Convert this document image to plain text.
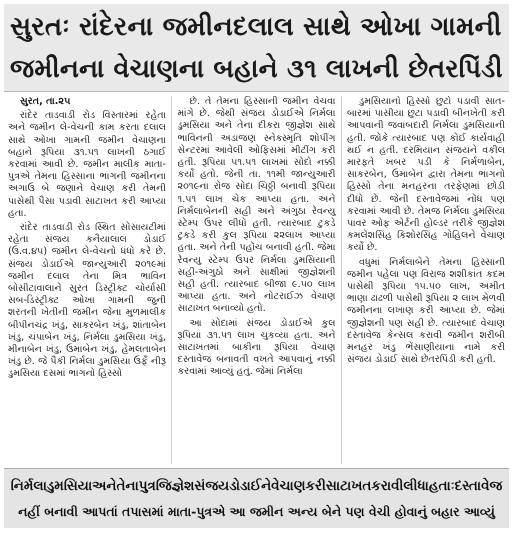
સુરતઃ રાંદેરના જમીનદલાલ સાથે ઓખા ગામની
જમીનના વેચાણના બહાને ૩૧ લાખની છેતરપિંડી

સુરત, તા.૨૫

રાંદેર તાડવાડી રોડ વિસ્તારમાં રહેતા અને જમીન લે-વેચની કામ કરતા દલાલ સાથે ઓખા ગામની જમીન વેચાણના બહાને રૂપિયા ૩૧.૫૧ લાખની ઠગાઈ કરવામાં આવી છે. જમીન માલીક માતા-પુત્રએ તેમના હિસ્સાના ભાગની જમીનના અગાઉ બે જણાને વેચાણ કરી તેમની પાસેથી પૈસા પડાવી સાટાખત કરી આપ્યા હતા.

રાંદેર તાડવાડી રોડ સ્થિત સોસાયટીમાં રહેતા સંજય કનૈયાલાલ ડોડાઈ (ઉ.વ.૪૫) જમીન લે-વેચનો ધંધો કરે છે. સંજય ડોડાઈએ જાન્યુઆરી ૨૦૧૯માં જમીન દલાલ તેના મિત્ર ભાવિન બોસીટાવાલાને સુરત ડિસ્ટ્રીક્ટ ચોર્યાસી સબ-ડિસ્ટ્રીક્ટ ઓખા ગામની જુની શરતની ખેતીની જમીન જેના મુળમાલીક બીપીનચંદ્ર ખંડુ, સાકરબેન ખંડુ, શાંતાબેન ખંડુ, ચંપાબેન ખંડુ, નિર્મલા ડુમસિયા ખંડુ, મીનાબેન ખંડુ, ઉમાબેન ખંડુ, હેમલતાબેન ખંડુ છે. જે પૈકી નિર્મલા ડુમસિયા ઉર્ફે નીરૂ ડુમસિયા દસમાં ભાગનો હિસ્સો

છે. તે તેમના હિસ્સાની જમીન વેચવા માંગે છે. જેથી સંજય ડોડાઈએ નિર્મલા ડુમસિયા અને તેના દીકરા જીજ્ઞેશ સાથે ભાવિનની અડાજણ સ્નેક્સ્મૃતિ શોપીંગ સેન્ટરમાં આવેલી ઓફિસમાં મીટીંગ કરી હતી. રૂપિયા ૫૧.૫૧ લાખમાં સોદો નક્કી કર્યો હતો. જેની તા. ૧૧મી જાન્યુઆરી ૨૦૧૯ના રોજ સોદા ચિઠ્ઠી બનાવી રૂપિયા ૧.૫૧ લાખ ચેક આપ્યા હતા. અને નિર્મલાબેનની સહી અને અંગુઠા રેવન્યુ સ્ટેમ્પ ઉપર લીધો હતી. ત્યારબાદ ટુકડે ટુકડે કરી કુલ રૂપિયા ૨૨લાખ આપ્યા હતા. અને તેની પહોંચ બનાવી હતી. જેમા રેવન્યુ સ્ટેમ્પ ઉપર નિર્મલા ડુમસિયાની સહી-અંગુઠો અને સાક્ષીમાં જીજ્ઞેશની સહી હતી. ત્યારબાદ બીજા ૯.૫૦ લાખ આપ્યા હતા. અને નોટરાઈઝ વેચાણ સાટાખત બનાવ્યો હતો.

આ સોદામાં સંજય ડોડાઈએ કુલ રૂપિયા ૩૧.૫૧ લાખ ચુકવ્યા હતા. અને સાટાખતમાં બાકીના રૂપિયા વેચાણ દસ્તાવેજ બનાવતી વખતે આપવાનું નક્કી કરવામાં આવ્યું હતું. જેમાં નિર્મલા

ડુમસિયાનો હિસ્સો છુટો પડાવી સાત-બારમાં પાસીયા છુટા પડાવી બીનખેતી કરી આપવાની જવાબદારી નિર્મલા ડુમસિયાની હતી. જોકે ત્યારબાદ પણ કોઈ કાર્યવાહી થઈ ન હતી. દરમિયાન સંજયને વકીલ મારફતે ખબર પડી કે નિર્મળાબેન, સાકરબેન, ઉમાબેન દ્વારા તેમના ભાગનો હિસ્સો તેના મનહરના તરફેણમાં છોડી દીધો છે. જેની દસ્તાવેજમાં નોંધ પણ કરવામાં આવી છે. તેમજ નિર્મલા ડુમસિયા પાવર ઓફ એર્ટની હોલ્ડર તરીકે જીજ્ઞેશ કમલેશસિંહ કિશોરસિંહ ગોહિલને વેચાણ કર્યો છે.

વધુમાં નિર્મલાબેને તેમના હિસ્સાની જમીન પહેલા પણ વિરાજ શશીકાંત કદમ પાસેથી રૂપિયા ૧૫.૫૦ લાખ, અમીત ભાણા ઢાઢળી પાસેથી રૂપિયા ૨ લાખ મેળવી જમીનના લખાણ કરી આપ્યા છે. જેમાં જીજ્ઞેશની પણ સહી છે. ત્યારબાદ વેચાણ દસ્તાવેજ કેન્સલ કરાવી જમીન શરીબી મનહર ખંડુ ભેંસાણીયાના નામે કરી સંજય ડોડાઈ સાથે છેતરપિંડી કરી હતી.

નિર્મલાડુમસિયાઅનેતેનાપુત્રજિજ્ઞેશસંજયડોડાઈનેવેચાણકરીસાટાખતકરાવીલીધાહતાઃદસ્તાવેજ
નહીં બનાવી આપતાં તપાસમાં માતા-પુત્રએ આ જમીન અન્ય બેને પણ વેચી હોવાનું બહાર આવ્યું
